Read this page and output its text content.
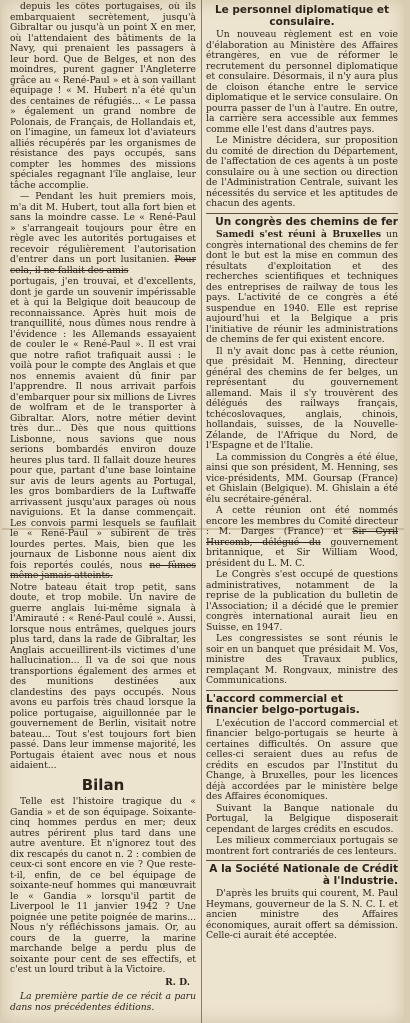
depuis les côtes portugaises, où ils embarquaient secrètement, jusqu'à Gibraltar ou jusqu'à un point X en mer, où l'attendaient des bâtiments de la Navy, qui prenaient les passagers à leur bord. Que de Belges, et non des moindres, purent gagner l'Angleterre grâce au « René-Paul » et à son vaillant équipage ! « M. Hubert n'a été qu'un des centaines de réfugiés... « Le passa » également un grand nombre de Polonais, de Français, de Hollandais et, on l'imagine, un fameux lot d'aviateurs alliés récupérés par les organismes de résistance des pays occupés, sans compter les hommes des missions spéciales regagnant l'île anglaise, leur tâche accomplie.

— Pendant les huit premiers mois, m'a dit M. Hubert, tout alla fort bien et sans la moindre casse. Le « René-Paul » s'arrangeait toujours pour être en règle avec les autorités portugaises et recevoir régulièrement l'autorisation d'entrer dans un port lusitanien. Pour cela, il ne fallait des amis

portugais, j'en trouvai, et d'excellents, dont je garde un souvenir impérissable et à qui la Belgique doit beaucoup de reconnaissance. Après huit mois de tranquillité, nous dûmes nous rendre à l'évidence : les Allemands essayaient de couler le « René-Paul ». Il est vrai que notre rafiot trafiquait aussi : le voilà pour le compte des Anglais et que nos ennemis avaient dû finir par l'apprendre. Il nous arrivait parfois d'embarquer pour six millions de Livres de wolfram et de le transporter à Gibraltar. Alors, notre métier devint très dur... Dès que nous quittions Lisbonne, nous savions que nous serions bombardés environ douze heures plus tard. Il fallait douze heures pour que, partant d'une base lointaine sur avis de leurs agents au Portugal, les gros bombardiers de la Luftwaffe arrivassent jusqu'aux parages où nous naviguions. Et la danse commençait. Les convois parmi lesquels se faufilait le « René-Paul » subirent de très lourdes pertes. Mais, bien que les journaux de Lisbonne nous aient dix fois reportés coulés, nous ne fûmes même jamais atteints.

Notre bateau était trop petit, sans doute, et trop mobile. Un navire de guerre anglais lui-même signala à l'Amirauté : « René-Paul coulé ». Aussi, lorsque nous entrâmes, quelques jours plus tard, dans la rade de Gibraltar, les Anglais accueillirent-ils victimes d'une hallucination... Il va de soi que nous transportions également des armes et des munitions destinées aux clandestins des pays occupés. Nous avons eu parfois très chaud lorsque la police portugaise, aiguillonnée par le gouvernement de Berlin, visitait notre bateau... Tout s'est toujours fort bien passé. Dans leur immense majorité, les Portugais étaient avec nous et nous aidaient...

Bilan

Telle est l'histoire tragique du « Gandia » et de son équipage. Soixante-cinq hommes perdus en mer; deux autres périrent plus tard dans une autre aventure. Et n'ignorez tout des dix rescapés du canot n. 2 : combien de ceux-ci sont encore en vie ? Que reste-t-il, enfin, de ce bel équipage de soixante-neuf hommes qui manœuvrait le « Gandia » lorsqu'il partit de Liverpool le 11 janvier 1942 ? Une poignée une petite poignée de marins... Nous n'y réfléchissons jamais. Or, au cours de la guerre, la marine marchande belge a perdu plus de soixante pour cent de ses effectifs, et c'est un lourd tribut à la Victoire.

R. D.

La première partie de ce récit a paru dans nos précédentes éditions.

Le personnel diplomatique et consulaire.

Un nouveau règlement est en voie d'élaboration au Ministère des Affaires étrangères, en vue de réformer le recrutement du personnel diplomatique et consulaire. Désormais, il n'y aura plus de cloison étanche entre le service diplomatique et le service consulaire. On pourra passer de l'un à l'autre. En outre, la carrière sera accessible aux femmes comme elle l'est dans d'autres pays.

Le Ministre décidera, sur proposition du comité de direction du Département, de l'affectation de ces agents à un poste consulaire ou à une section ou direction de l'Administration Centrale, suivant les nécessités du service et les aptitudes de chacun des agents.

Un congrès des chemins de fer

Samedi s'est réuni à Bruxelles un congrès international des chemins de fer dont le but est la mise en commun des résultats d'exploitation et des recherches scientifiques et techniques des entreprises de railway de tous les pays. L'activité de ce congrès a été suspendue en 1940. Elle est reprise aujourd'hui et la Belgique a pris l'initiative de réunir les administrations de chemins de fer qui existent encore.

Il n'y avait donc pas à cette réunion, que présidait M. Henning, directeur général des chemins de fer belges, un représentant du gouvernement allemand. Mais il s'y trouvèrent des délégués des railways français, tchécoslovaques, anglais, chinois, hollandais, suisses, de la Nouvelle-Zélande, de l'Afrique du Nord, de l'Espagne et de l'Italie.

La commission du Congrès a été élue, ainsi que son président, M. Henning, ses vice-présidents, MM. Goursap (France) et Ghislain (Belgique). M. Ghislain a été élu secrétaire-général.

A cette réunion ont été nommés encore les membres du Comité directeur : M. Darges (France) et Sir Cyril Hurcomb, délégué du gouvernement britannique, et Sir William Wood, président du L. M. C.

Le Congrès s'est occupé de questions administratives, notamment de la reprise de la publication du bulletin de l'Association; il a décidé que le premier congrès international aurait lieu en Suisse, en 1947.

Les congressistes se sont réunis le soir en un banquet que présidait M. Vos, ministre des Travaux publics, remplaçant M. Rongvaux, ministre des Communications.

L'accord commercial et financier belgo-portugais.

L'exécution de l'accord commercial et financier belgo-portugais se heurte à certaines difficultés. On assure que celles-ci seraient dues au refus de crédits en escudos par l'Institut du Change, à Bruxelles, pour les licences déjà accordées par le ministère belge des Affaires économiques.

Suivant la Banque nationale du Portugal, la Belgique disposerait cependant de larges crédits en escudos.

Les milieux commerciaux portugais se montrent fort contrariés de ces lenteurs.

A la Société Nationale de Crédit à l'Industrie.

D'après les bruits qui courent, M. Paul Heymans, gouverneur de la S. N. C. I. et ancien ministre des Affaires économiques, aurait offert sa démission. Celle-ci aurait été acceptée.
